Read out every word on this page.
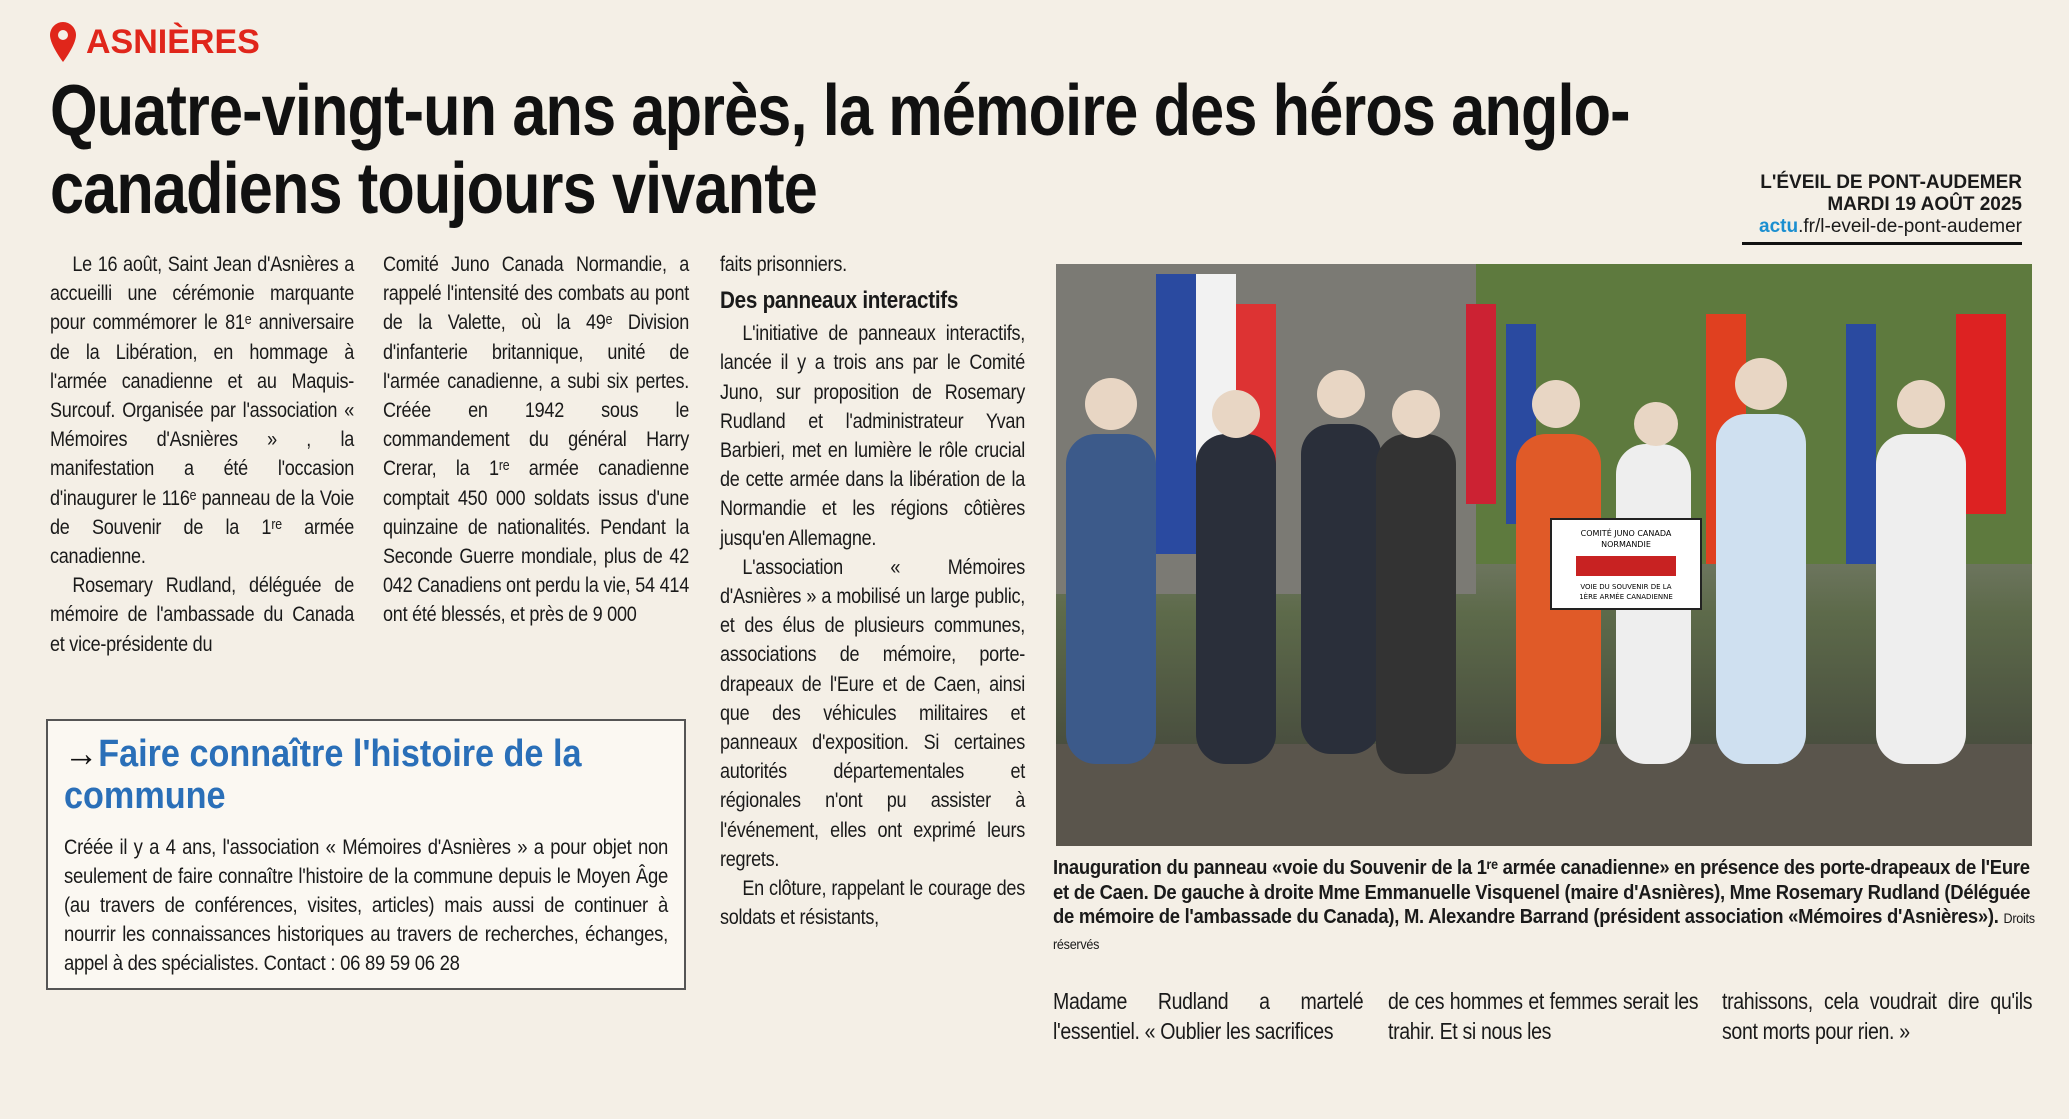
ASNIÈRES
Quatre-vingt-un ans après, la mémoire des héros anglo-canadiens toujours vivante	L'ÉVEIL DE PONT-AUDEMER
MARDI 19 AOÛT 2025
actu.fr/l-eveil-de-pont-audemer

Le 16 août, Saint Jean d'Asnières a accueilli une cérémonie marquante pour commémorer le 81ᵉ anniversaire de la Libération, en hommage à l'armée canadienne et au Maquis-Surcouf. Organisée par l'association « Mémoires d'Asnières » , la manifestation a été l'occasion d'inaugurer le 116ᵉ panneau de la Voie de Souvenir de la 1ʳᵉ armée canadienne.

Rosemary Rudland, déléguée de mémoire de l'ambassade du Canada et vice-présidente du

Comité Juno Canada Normandie, a rappelé l'intensité des combats au pont de la Valette, où la 49ᵉ Division d'infanterie britannique, unité de l'armée canadienne, a subi six pertes. Créée en 1942 sous le commandement du général Harry Crerar, la 1ʳᵉ armée canadienne comptait 450 000 soldats issus d'une quinzaine de nationalités. Pendant la Seconde Guerre mondiale, plus de 42 042 Canadiens ont perdu la vie, 54 414 ont été blessés, et près de 9 000

faits prisonniers.

Des panneaux interactifs

L'initiative de panneaux interactifs, lancée il y a trois ans par le Comité Juno, sur proposition de Rosemary Rudland et l'administrateur Yvan Barbieri, met en lumière le rôle crucial de cette armée dans la libération de la Normandie et les régions côtières jusqu'en Allemagne.

L'association « Mémoires d'Asnières » a mobilisé un large public, et des élus de plusieurs communes, associations de mémoire, porte-drapeaux de l'Eure et de Caen, ainsi que des véhicules militaires et panneaux d'exposition. Si certaines autorités départementales et régionales n'ont pu assister à l'événement, elles ont exprimé leurs regrets.

En clôture, rappelant le courage des soldats et résistants,

→Faire connaître l'histoire de la commune

Créée il y a 4 ans, l'association « Mémoires d'Asnières » a pour objet non seulement de faire connaître l'histoire de la commune depuis le Moyen Âge (au travers de conférences, visites, articles) mais aussi de continuer à nourrir les connaissances historiques au travers de recherches, échanges, appel à des spécialistes. Contact : 06 89 59 06 28

COMITÉ JUNO CANADA
NORMANDIE
VOIE DU SOUVENIR DE LA
1ÈRE ARMÉE CANADIENNE
Inauguration du panneau «voie du Souvenir de la 1ʳᵉ armée canadienne» en présence des porte-drapeaux de l'Eure et de Caen. De gauche à droite Mme Emmanuelle Visquenel (maire d'Asnières), Mme Rosemary Rudland (Déléguée de mémoire de l'ambassade du Canada), M. Alexandre Barrand (président association «Mémoires d'Asnières»). Droits réservés
Madame Rudland a martelé l'essentiel. « Oublier les sacrifices
de ces hommes et femmes serait les trahir. Et si nous les
trahissons, cela voudrait dire qu'ils sont morts pour rien. »
